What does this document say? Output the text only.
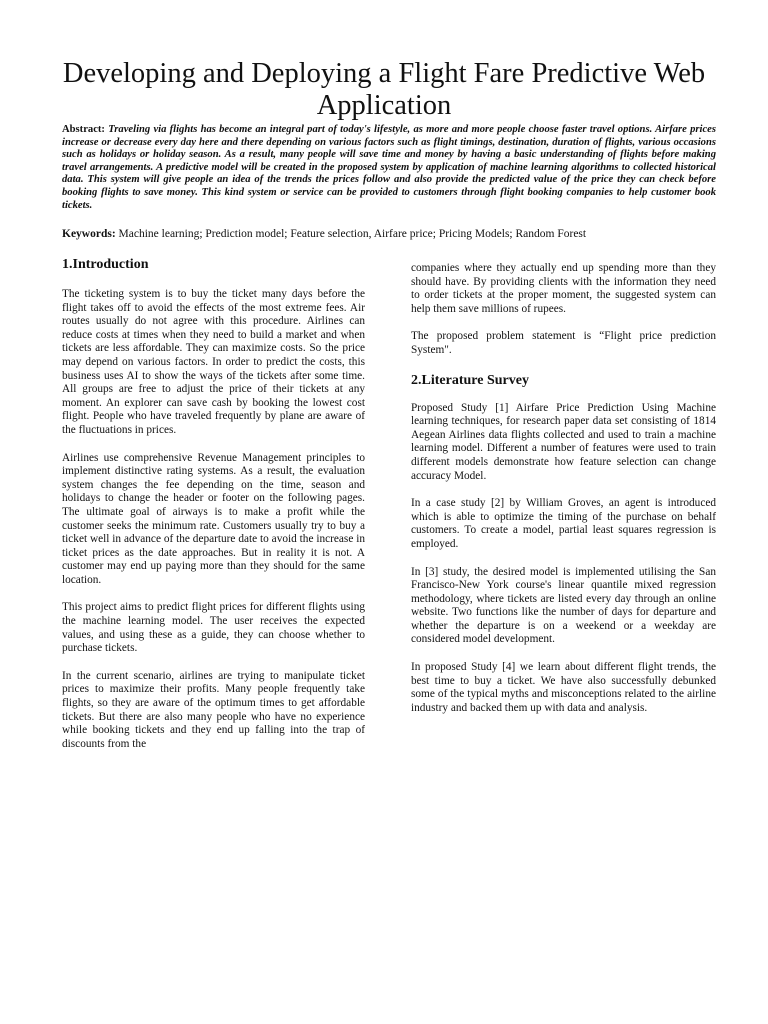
Developing and Deploying a Flight Fare Predictive Web Application

Abstract: Traveling via flights has become an integral part of today's lifestyle, as more and more people choose faster travel options. Airfare prices increase or decrease every day here and there depending on various factors such as flight timings, destination, duration of flights, various occasions such as holidays or holiday season. As a result, many people will save time and money by having a basic understanding of flights before making travel arrangements. A predictive model will be created in the proposed system by application of machine learning algorithms to collected historical data. This system will give people an idea of the trends the prices follow and also provide the predicted value of the price they can check before booking flights to save money. This kind system or service can be provided to customers through flight booking companies to help customer book tickets.

Keywords: Machine learning; Prediction model; Feature selection, Airfare price; Pricing Models; Random Forest

1.Introduction

The ticketing system is to buy the ticket many days before the flight takes off to avoid the effects of the most extreme fees. Air routes usually do not agree with this procedure. Airlines can reduce costs at times when they need to build a market and when tickets are less affordable. They can maximize costs. So the price may depend on various factors. In order to predict the costs, this business uses AI to show the ways of the tickets after some time. All groups are free to adjust the price of their tickets at any moment. An explorer can save cash by booking the lowest cost flight. People who have traveled frequently by plane are aware of the fluctuations in prices.

Airlines use comprehensive Revenue Management principles to implement distinctive rating systems. As a result, the evaluation system changes the fee depending on the time, season and holidays to change the header or footer on the following pages. The ultimate goal of airways is to make a profit while the customer seeks the minimum rate. Customers usually try to buy a ticket well in advance of the departure date to avoid the increase in ticket prices as the date approaches. But in reality it is not. A customer may end up paying more than they should for the same location.

This project aims to predict flight prices for different flights using the machine learning model. The user receives the expected values, and using these as a guide, they can choose whether to purchase tickets.

In the current scenario, airlines are trying to manipulate ticket prices to maximize their profits. Many people frequently take flights, so they are aware of the optimum times to get affordable tickets. But there are also many people who have no experience while booking tickets and they end up falling into the trap of discounts from the

companies where they actually end up spending more than they should have. By providing clients with the information they need to order tickets at the proper moment, the suggested system can help them save millions of rupees.

The proposed problem statement is “Flight price prediction System".

2.Literature Survey

Proposed Study [1] Airfare Price Prediction Using Machine learning techniques, for research paper data set consisting of 1814 Aegean Airlines data flights collected and used to train a machine learning model. Different a number of features were used to train different models demonstrate how feature selection can change accuracy Model.

In a case study [2] by William Groves, an agent is introduced which is able to optimize the timing of the purchase on behalf customers. To create a model, partial least squares regression is employed.

In [3] study, the desired model is implemented utilising the San Francisco-New York course's linear quantile mixed regression methodology, where tickets are listed every day through an online website. Two functions like the number of days for departure and whether the departure is on a weekend or a weekday are considered model development.

In proposed Study [4] we learn about different flight trends, the best time to buy a ticket. We have also successfully debunked some of the typical myths and misconceptions related to the airline industry and backed them up with data and analysis.
